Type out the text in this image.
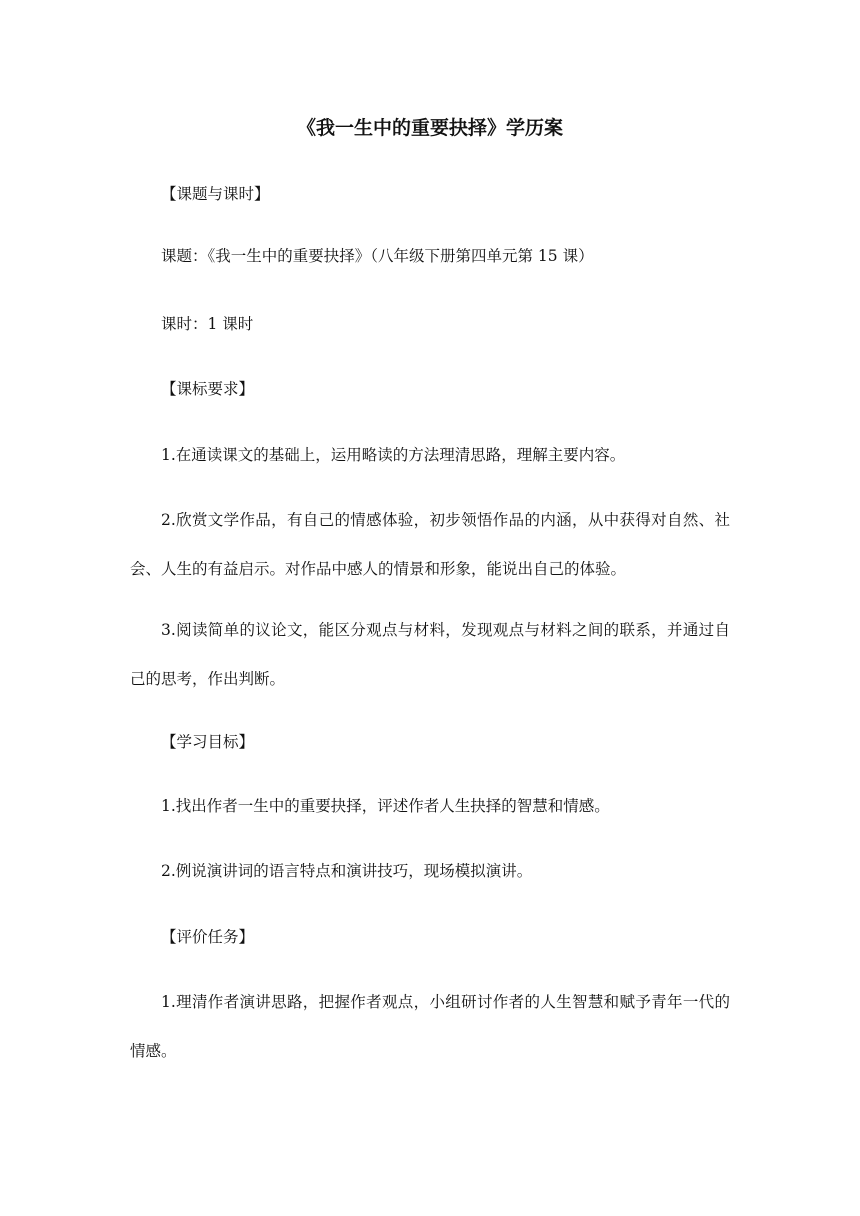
《我一生中的重要抉择》学历案

【课题与课时】

课题：《我一生中的重要抉择》（八年级下册第四单元第 15 课）

课时：1 课时

【课标要求】

1.在通读课文的基础上，运用略读的方法理清思路，理解主要内容。

2.欣赏文学作品，有自己的情感体验，初步领悟作品的内涵，从中获得对自然、社会、人生的有益启示。对作品中感人的情景和形象，能说出自己的体验。

3.阅读简单的议论文，能区分观点与材料，发现观点与材料之间的联系，并通过自己的思考，作出判断。

【学习目标】

1.找出作者一生中的重要抉择，评述作者人生抉择的智慧和情感。

2.例说演讲词的语言特点和演讲技巧，现场模拟演讲。

【评价任务】

1.理清作者演讲思路，把握作者观点，小组研讨作者的人生智慧和赋予青年一代的情感。
